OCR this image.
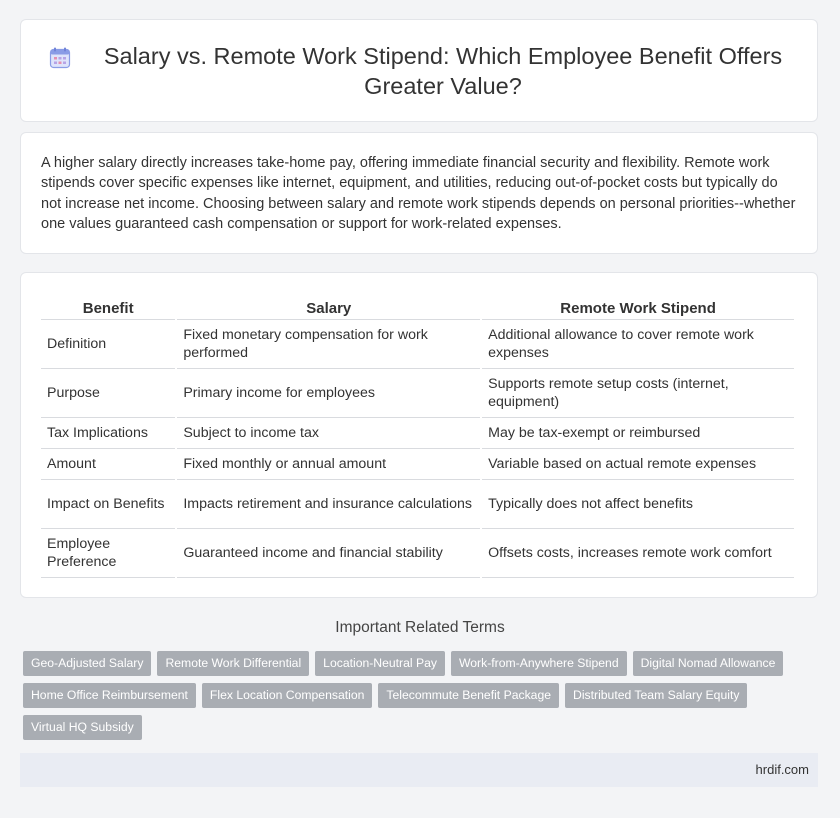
Salary vs. Remote Work Stipend: Which Employee Benefit Offers Greater Value?

A higher salary directly increases take-home pay, offering immediate financial security and flexibility. Remote work stipends cover specific expenses like internet, equipment, and utilities, reducing out-of-pocket costs but typically do not increase net income. Choosing between salary and remote work stipends depends on personal priorities--whether one values guaranteed cash compensation or support for work-related expenses.

Benefit	Salary	Remote Work Stipend
Definition	Fixed monetary compensation for work performed	Additional allowance to cover remote work expenses
Purpose	Primary income for employees	Supports remote setup costs (internet, equipment)
Tax Implications	Subject to income tax	May be tax-exempt or reimbursed
Amount	Fixed monthly or annual amount	Variable based on actual remote expenses
Impact on Benefits	Impacts retirement and insurance calculations	Typically does not affect benefits
Employee Preference	Guaranteed income and financial stability	Offsets costs, increases remote work comfort
Important Related Terms
Geo-Adjusted Salary	Remote Work Differential	Location-Neutral Pay	Work-from-Anywhere Stipend	Digital Nomad Allowance
Home Office Reimbursement	Flex Location Compensation	Telecommute Benefit Package	Distributed Team Salary Equity
Virtual HQ Subsidy
hrdif.com
